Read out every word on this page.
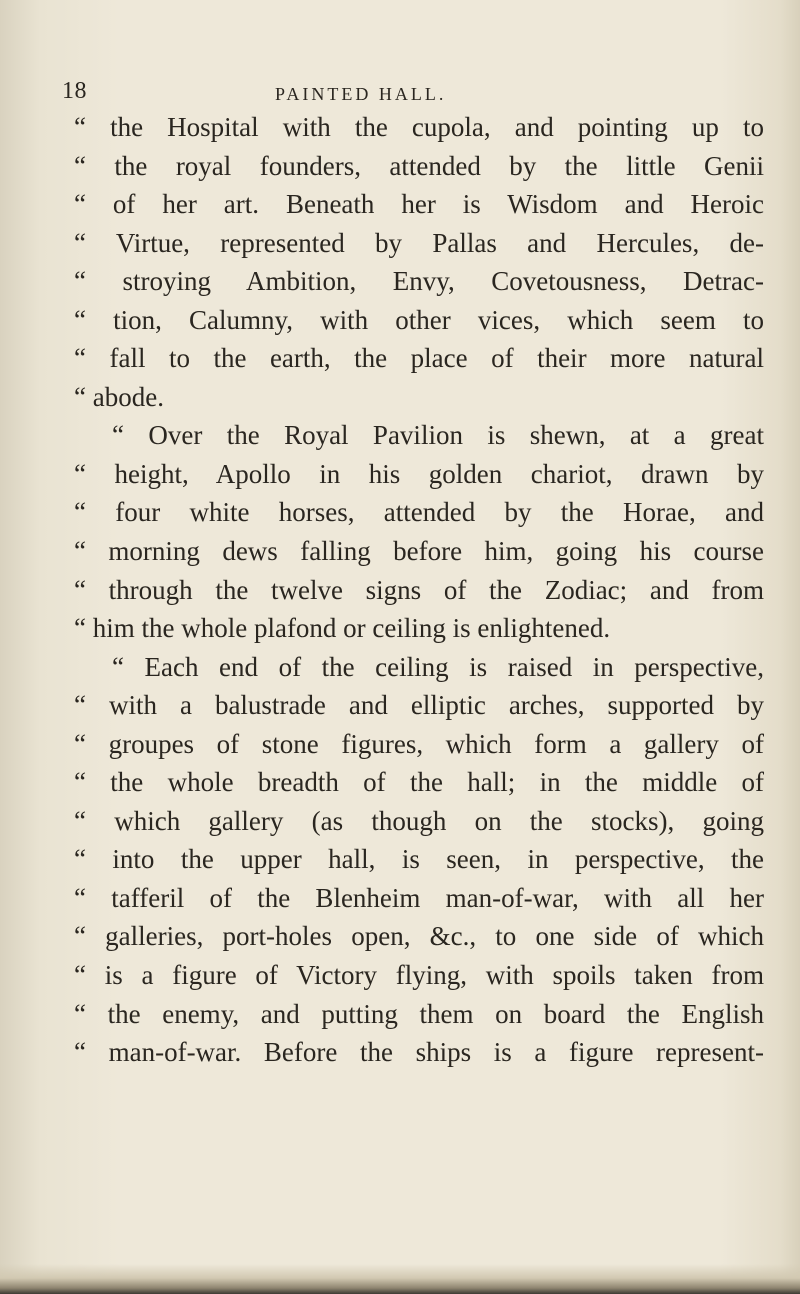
18	PAINTED HALL.
“ the Hospital with the cupola, and pointing up to
“ the royal founders, attended by the little Genii
“ of her art. Beneath her is Wisdom and Heroic
“ Virtue, represented by Pallas and Hercules, de-
“ stroying Ambition, Envy, Covetousness, Detrac-
“ tion, Calumny, with other vices, which seem to
“ fall to the earth, the place of their more natural
“ abode.
“ Over the Royal Pavilion is shewn, at a great
“ height, Apollo in his golden chariot, drawn by
“ four white horses, attended by the Horae, and
“ morning dews falling before him, going his course
“ through the twelve signs of the Zodiac; and from
“ him the whole plafond or ceiling is enlightened.
“ Each end of the ceiling is raised in perspective,
“ with a balustrade and elliptic arches, supported by
“ groupes of stone figures, which form a gallery of
“ the whole breadth of the hall; in the middle of
“ which gallery (as though on the stocks), going
“ into the upper hall, is seen, in perspective, the
“ tafferil of the Blenheim man-of-war, with all her
“ galleries, port-holes open, &c., to one side of which
“ is a figure of Victory flying, with spoils taken from
“ the enemy, and putting them on board the English
“ man-of-war. Before the ships is a figure represent-
